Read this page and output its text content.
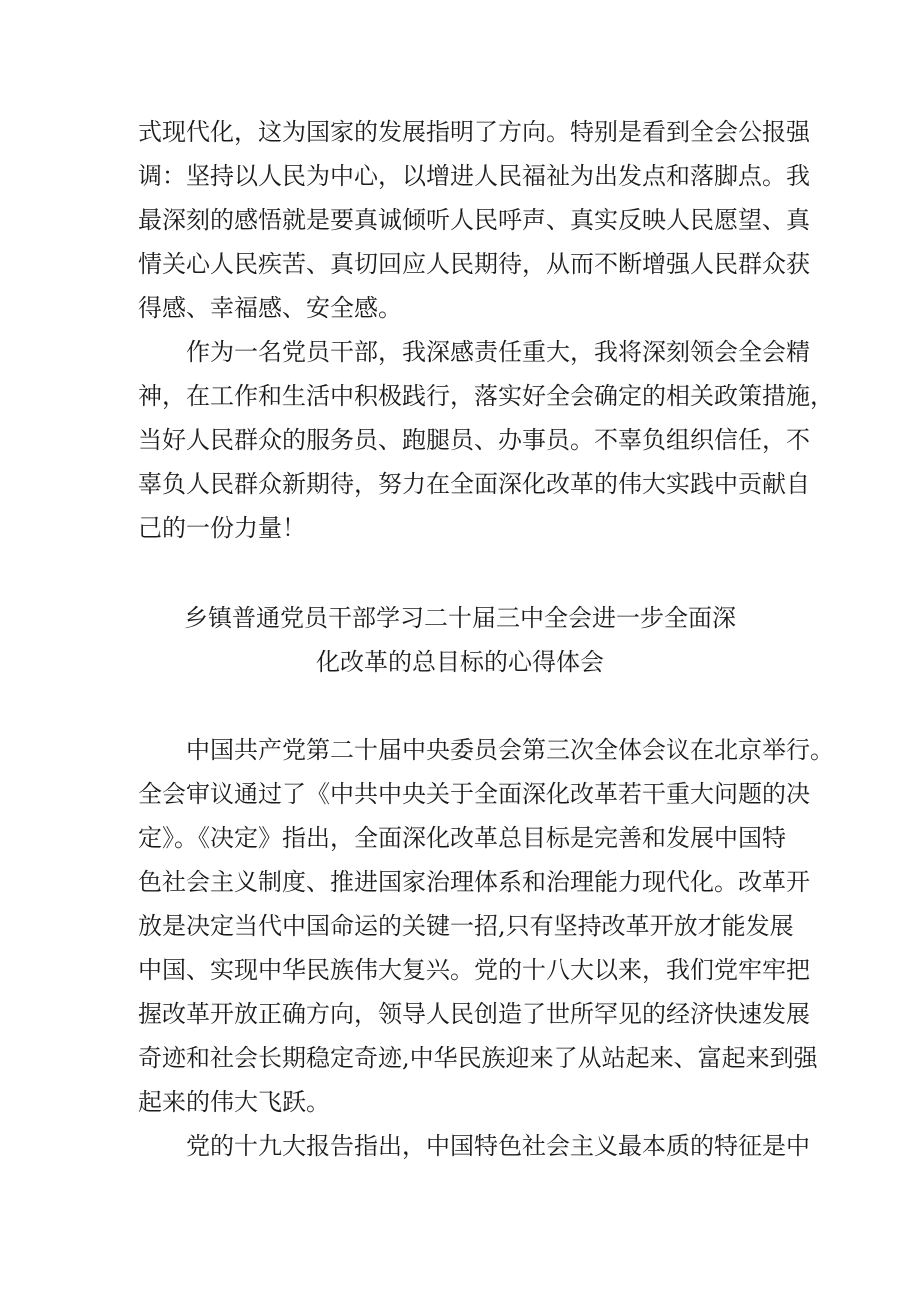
式现代化，这为国家的发展指明了方向。特别是看到全会公报强
调：坚持以人民为中心，以增进人民福祉为出发点和落脚点。我
最深刻的感悟就是要真诚倾听人民呼声、真实反映人民愿望、真
情关心人民疾苦、真切回应人民期待，从而不断增强人民群众获
得感、幸福感、安全感。
作为一名党员干部，我深感责任重大，我将深刻领会全会精
神，在工作和生活中积极践行，落实好全会确定的相关政策措施，
当好人民群众的服务员、跑腿员、办事员。不辜负组织信任，不
辜负人民群众新期待，努力在全面深化改革的伟大实践中贡献自
己的一份力量！
乡镇普通党员干部学习二十届三中全会进一步全面深
化改革的总目标的心得体会
中国共产党第二十届中央委员会第三次全体会议在北京举行。
全会审议通过了《中共中央关于全面深化改革若干重大问题的决
定》。《决定》指出，全面深化改革总目标是完善和发展中国特
色社会主义制度、推进国家治理体系和治理能力现代化。改革开
放是决定当代中国命运的关键一招,只有坚持改革开放才能发展
中国、实现中华民族伟大复兴。党的十八大以来，我们党牢牢把
握改革开放正确方向，领导人民创造了世所罕见的经济快速发展
奇迹和社会长期稳定奇迹,中华民族迎来了从站起来、富起来到强
起来的伟大飞跃。
党的十九大报告指出，中国特色社会主义最本质的特征是中
